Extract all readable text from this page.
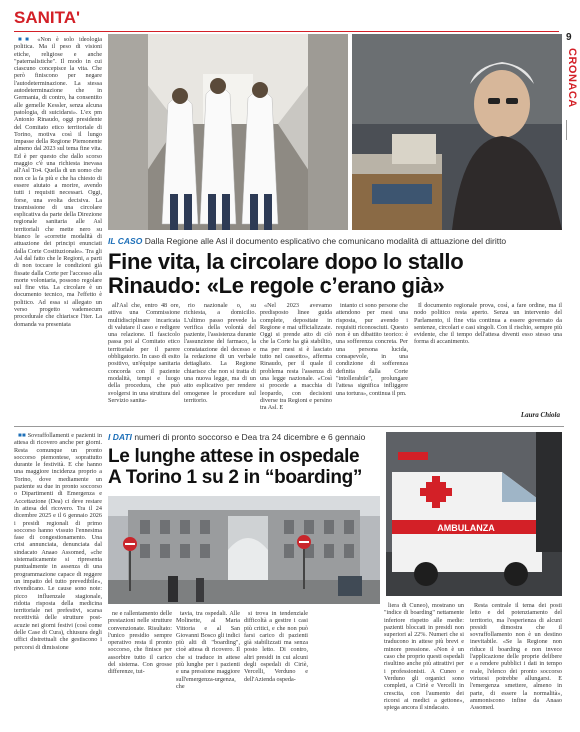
SANITA'
9
CRONACA

■■ «Non è solo ideologia politica. Ma il peso di visioni etiche, religiose e anche "paternalistiche". Il modo in cui ciascuno concepisce la vita. Che però finiscono per negare l'autodeterminazione. La stessa autodeterminazione che in Germania, di contro, ha consentito alle gemelle Kessler, senza alcuna patologia, di suicidarsi». L'ex pm Antonio Rinaudo, oggi presidente del Comitato etico territoriale di Torino, motiva così il lungo impasse della Regione Piemonente almeno dal 2023 sul tema fine vita. Ed è per questo che dallo scorso maggio c'è una richiesta inevasa all'Asl To4. Quella di un uomo che non ce la fa più e che ha chiesto di essere aiutato a morire, avendo tutti i requisiti necessari. Oggi, forse, una svolta decisiva. La trasmissione di una circolare esplicativa da parte della Direzione regionale sanitaria alle Asl territoriali che mette nero su bianco le «corrette modalità di attuazione dei principi enunciati dalla Corte Costituzionale». Tra gli Asl dal fatto che le Regioni, a parti di non toccare le condizioni già fissate dalla Corte per l'accesso alla morte volontaria, possono regolare sul fine vita. La circolare è un documento tecnico, ma l'effetto è politico. Ad essa si allegato un verso progetto vademecum procedurale che chiarisce l'iter. La domanda va presentata

IL CASO Dalla Regione alle Asl il documento esplicativo che comunicano modalità di attuazione del diritto
Fine vita, la circolare dopo lo stallo
Rinaudo: «Le regole c’erano già»

all'Asl che, entro 48 ore, attiva una Commissione multidisciplinare incaricata di valutare il caso e redigere una relazione. Il fascicolo passa poi al Comitato etico territoriale per il parere obbligatorio. In caso di esito positivo, un'équipe sanitaria concorda con il paziente modalità, tempi e luogo della procedura, che può svolgersi in una struttura del Servizio sanita-

rio nazionale o, su richiesta, a domicilio. L'ultimo passo prevede la verifica della volontà del paziente, l'assistenza durante l'assunzione del farmaco, la constatazione del decesso e la redazione di un verbale dettagliato. La Regione chiarisce che non si tratta di una nuova legge, ma di un atto esplicativo per rendere omogenee le procedure sul territorio.

«Nel 2023 avevamo predisposto linee guida complete, depositate in Regione e mai ufficializzate. Oggi si prende atto di ciò che la Corte ha già stabilito, ma per mesi si è lasciato tutto nel cassetto», afferma Rinaudo, per il quale il problema resta l'assenza di una legge nazionale. «Così si procede a macchia di leopardo, con decisioni diverse tra Regioni e persino tra Asl. E

intanto ci sono persone che attendono per mesi una risposta, pur avendo i requisiti riconosciuti. Questo non è un dibattito teorico: è una sofferenza concreta. Per una persona lucida, consapevole, in una condizione di sofferenza definita dalla Corte "intollerabile", prolungare l'attesa significa infliggere una tortura», continua il pm.

Il documento regionale prova, così, a fare ordine, ma il nodo politico resta aperto. Senza un intervento del Parlamento, il fine vita continua a essere governato da sentenze, circolari e casi singoli. Con il rischio, sempre più evidente, che il tempo dell'attesa diventi esso stesso una forma di accanimento.

Laura Chiola

■■ Sovraffollamenti e pazienti in attesa di ricovero anche per giorni. Resta comunque un pronto soccorso piemontese, soprattutto durante le festività. E che hanno una maggiore incidenza proprio a Torino, dove mediamente un paziente su due in pronto soccorso o Dipartimenti di Emergenza e Accettazione (Dea) ci deve restare in attesa del ricovero. Tra il 24 dicembre 2025 e il 6 gennaio 2026 i presidi regionali di primo soccorso hanno vissuto l'ennesima fase di congestionamento. Una crisi annunciata, denunciata dal sindacato Anaao Assomed, «che sistematicamente si ripresenta puntualmente in assenza di una programmazione capace di reggere un impatto del tutto prevedibile», rivendicano. Le cause sono note: picco influenzale stagionale, ridotta risposta della medicina territoriale nei prefestivi, scarsa recettività delle strutture post-acuzie nei giorni festivi (così come delle Case di Cura), chiusura degli uffici distrettuali che gestiscono i percorsi di dimissione

I DATI numeri di pronto soccorso e Dea tra 24 dicembre e 6 gennaio
Le lunghe attese in ospedale
A Torino 1 su 2 in “boarding”

ne e rallentamento delle prestazioni nelle strutture convenzionate. Risultato: l'unico presidio sempre operativo resta il pronto soccorso, che finisce per assorbire tutto il carico del sistema. Con grosse differenze, tut-

tavia, tra ospedali. Alle Molinette, al Maria Vittoria e al San Giovanni Bosco gli indici più alti di "boarding", cioè attesa di ricovero. Il che si traduce in attese più lunghe per i pazienti e una pressione maggiore sull'emergenza-urgenza, che

si trova in tendenziale difficoltà a gestire i casi più critici, e che non può farsi carico di pazienti già stabilizzati ma senza posto letto. Di contro, altri presidi in cui alcuni degli ospedali di Ciriè, Vercelli, Verduno e dell'Azienda ospeda-

liera di Cuneo), mostrano un "indice di boarding" nettamente inferiore rispetto alle medie: pazienti bloccati in presidi non superiori al 22%. Numeri che si traducono in attese più brevi e minore pressione. «Non è un caso che proprio questi ospedali risultino anche più attrattivi per i professionisti. A Cuneo e Verduno gli organici sono completi, a Ciriè e Vercelli in crescita, con l'aumento dei ricorsi ai medici a gettone», spiega ancora il sindacato.

Resta centrale il tema dei posti letto e del potenziamento del territorio, ma l'esperienza di alcuni presidi dimostra che il sovraffollamento non è un destino inevitabile. «Se la Regione non riduce il boarding e non invece l'applicazione delle proprie delibere e a rendere pubblici i dati in tempo reale, l'elenco dei pronto soccorso virtuosi potrebbe allungarsi. E l'emergenza smettere, almeno in parte, di essere la normalità», ammoniscono infine da Anaao Assomed.

AMBULANZA
